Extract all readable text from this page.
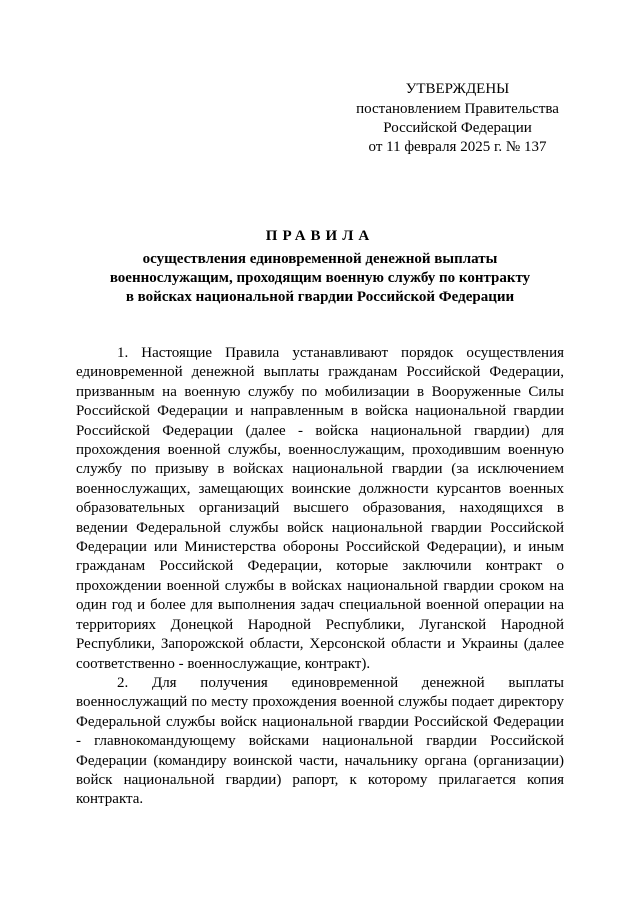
УТВЕРЖДЕНЫ
постановлением Правительства
Российской Федерации
от 11 февраля 2025 г. № 137
ПРАВИЛА
осуществления единовременной денежной выплаты
военнослужащим, проходящим военную службу по контракту
в войсках национальной гвардии Российской Федерации

1. Настоящие Правила устанавливают порядок осуществления единовременной денежной выплаты гражданам Российской Федерации, призванным на военную службу по мобилизации в Вооруженные Силы Российской Федерации и направленным в войска национальной гвардии Российской Федерации (далее - войска национальной гвардии) для прохождения военной службы, военнослужащим, проходившим военную службу по призыву в войсках национальной гвардии (за исключением военнослужащих, замещающих воинские должности курсантов военных образовательных организаций высшего образования, находящихся в ведении Федеральной службы войск национальной гвардии Российской Федерации или Министерства обороны Российской Федерации), и иным гражданам Российской Федерации, которые заключили контракт о прохождении военной службы в войсках национальной гвардии сроком на один год и более для выполнения задач специальной военной операции на территориях Донецкой Народной Республики, Луганской Народной Республики, Запорожской области, Херсонской области и Украины (далее соответственно - военнослужащие, контракт).

2. Для получения единовременной денежной выплаты военнослужащий по месту прохождения военной службы подает директору Федеральной службы войск национальной гвардии Российской Федерации - главнокомандующему войсками национальной гвардии Российской Федерации (командиру воинской части, начальнику органа (организации) войск национальной гвардии) рапорт, к которому прилагается копия контракта.
